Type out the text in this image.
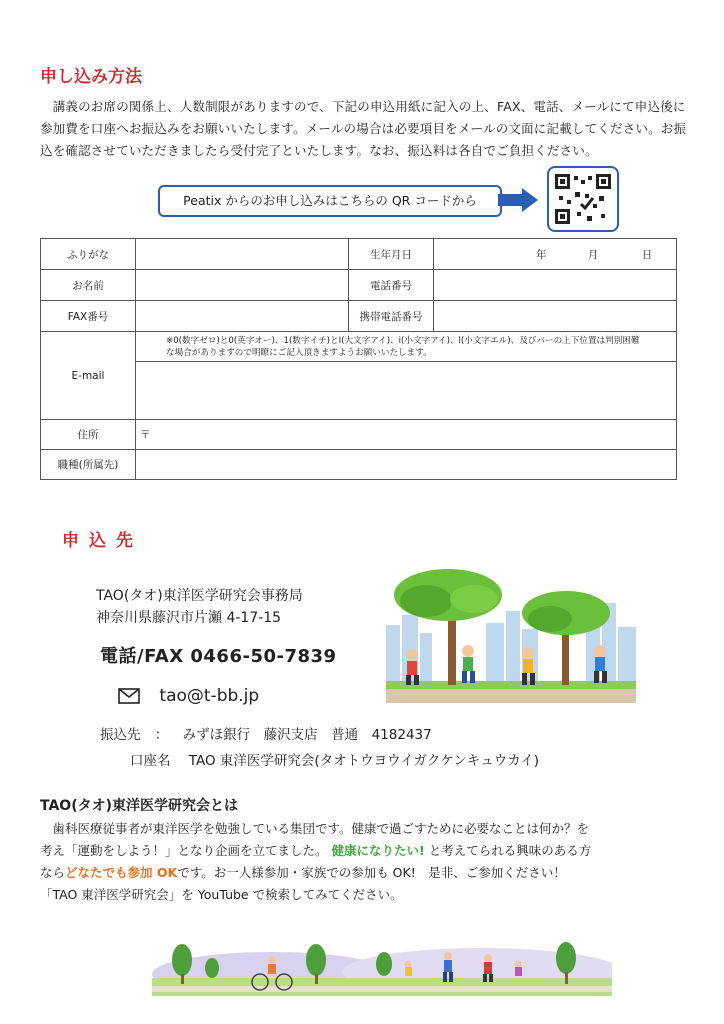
申し込み方法
　講義のお席の関係上、人数制限がありますので、下記の申込用紙に記入の上、FAX、電話、メールにて申込後に参加費を口座へお振込みをお願いいたします。メールの場合は必要項目をメールの文面に記載してください。お振込を確認させていただきましたら受付完了といたします。なお、振込料は各自でご負担ください。
Peatix からのお申し込みはこちらの QR コードから
ふりがな		生年月日	年 月 日
お名前		電話番号	
FAX番号		携帯電話番号	
E-mail	※0(数字ゼロ)と0(英字オー)、1(数字イチ)とI(大文字アイ)、i(小文字アイ)、l(小文字エル)、及びバーの上下位置は判別困難な場合がありますので明瞭にご記入頂きますようお願いいたします。		

住所	〒		
職種(所属先)			
申込先
TAO(タオ)東洋医学研究会事務局
神奈川県藤沢市片瀬 4-17-15
電話/FAX 0466-50-7839
tao@t-bb.jp
振込先 ： みずほ銀行　藤沢支店　普通　4182437
口座名 TAO 東洋医学研究会(タオトウヨウイガクケンキュウカイ)
TAO(タオ)東洋医学研究会とは
　歯科医療従事者が東洋医学を勉強している集団です。健康で過ごすために必要なことは何か？を
考え「運動をしよう！」となり企画を立てました。 健康になりたい! と考えてられる興味のある方
ならどなたでも参加 OKです。お一人様参加・家族での参加も OK!　是非、ご参加ください！
「TAO 東洋医学研究会」を YouTube で検索してみてください。
